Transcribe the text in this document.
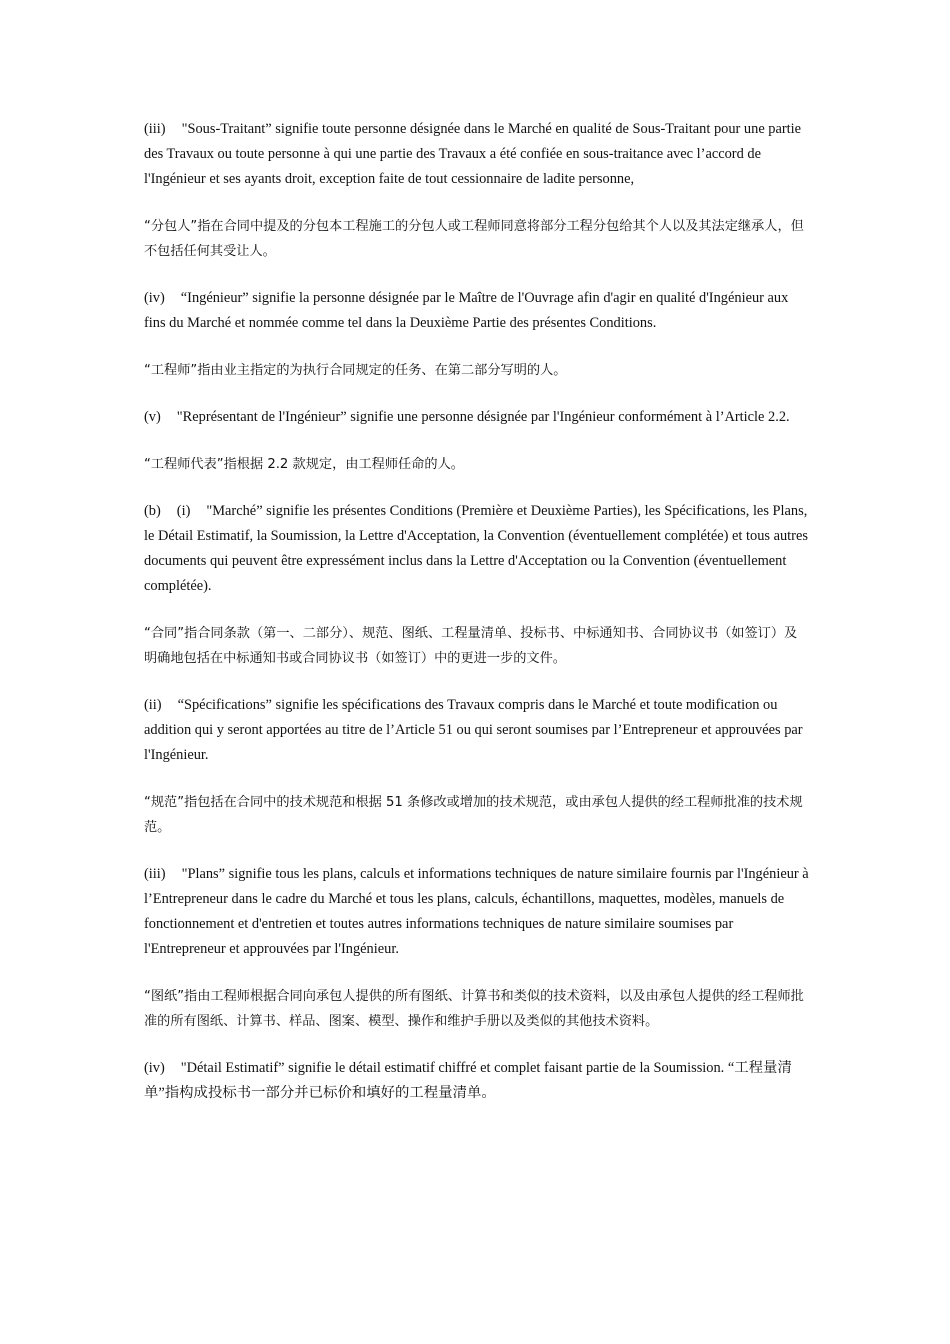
(iii) "Sous-Traitant” signifie toute personne désignée dans le Marché en qualité de Sous-Traitant pour une partie des Travaux ou toute personne à qui une partie des Travaux a été confiée en sous-traitance avec l’accord de l'Ingénieur et ses ayants droit, exception faite de tout cessionnaire de ladite personne,

“分包人”指在合同中提及的分包本工程施工的分包人或工程师同意将部分工程分包给其个人以及其法定继承人，但不包括任何其受让人。

(iv) “Ingénieur” signifie la personne désignée par le Maître de l'Ouvrage afin d'agir en qualité d'Ingénieur aux fins du Marché et nommée comme tel dans la Deuxième Partie des présentes Conditions.

“工程师”指由业主指定的为执行合同规定的任务、在第二部分写明的人。

(v) "Représentant de l'Ingénieur” signifie une personne désignée par l'Ingénieur conformément à l’Article 2.2.

“工程师代表”指根据 2.2 款规定，由工程师任命的人。

(b) (i) "Marché” signifie les présentes Conditions (Première et Deuxième Parties), les Spécifications, les Plans, le Détail Estimatif, la Soumission, la Lettre d'Acceptation, la Convention (éventuellement complétée) et tous autres documents qui peuvent être expressément inclus dans la Lettre d'Acceptation ou la Convention (éventuellement complétée).

“合同”指合同条款（第一、二部分）、规范、图纸、工程量清单、投标书、中标通知书、合同协议书（如签订）及明确地包括在中标通知书或合同协议书（如签订）中的更进一步的文件。

(ii) “Spécifications” signifie les spécifications des Travaux compris dans le Marché et toute modification ou addition qui y seront apportées au titre de l’Article 51 ou qui seront soumises par l’Entrepreneur et approuvées par l'Ingénieur.

“规范”指包括在合同中的技术规范和根据 51 条修改或增加的技术规范，或由承包人提供的经工程师批准的技术规范。

(iii) "Plans” signifie tous les plans, calculs et informations techniques de nature similaire fournis par l'Ingénieur à l’Entrepreneur dans le cadre du Marché et tous les plans, calculs, échantillons, maquettes, modèles, manuels de fonctionnement et d'entretien et toutes autres informations techniques de nature similaire soumises par l'Entrepreneur et approuvées par l'Ingénieur.

“图纸”指由工程师根据合同向承包人提供的所有图纸、计算书和类似的技术资料，以及由承包人提供的经工程师批准的所有图纸、计算书、样品、图案、模型、操作和维护手册以及类似的其他技术资料。

(iv) "Détail Estimatif” signifie le détail estimatif chiffré et complet faisant partie de la Soumission. “工程量清单”指构成投标书一部分并已标价和填好的工程量清单。
